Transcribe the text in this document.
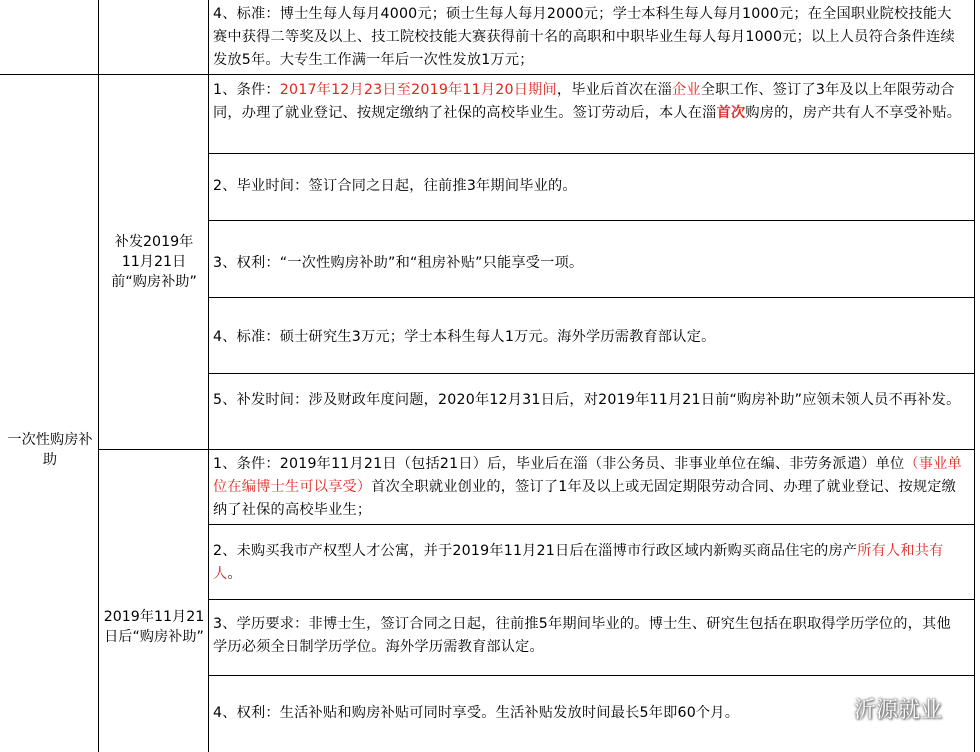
4、标准：博士生每人每月4000元；硕士生每人每月2000元；学士本科生每人每月1000元；在全国职业院校技能大赛中获得二等奖及以上、技工院校技能大赛获得前十名的高职和中职毕业生每人每月1000元；以上人员符合条件连续发放5年。大专生工作满一年后一次性发放1万元；
一次性购房补助
补发2019年11月21日前“购房补助”
1、条件：2017年12月23日至2019年11月20日期间，毕业后首次在淄企业全职工作、签订了3年及以上年限劳动合同，办理了就业登记、按规定缴纳了社保的高校毕业生。签订劳动后，本人在淄首次购房的，房产共有人不享受补贴。
2、毕业时间：签订合同之日起，往前推3年期间毕业的。
3、权利：“一次性购房补助”和“租房补贴”只能享受一项。
4、标准：硕士研究生3万元；学士本科生每人1万元。海外学历需教育部认定。
5、补发时间：涉及财政年度问题，2020年12月31日后，对2019年11月21日前“购房补助”应领未领人员不再补发。
2019年11月21日后“购房补助”
1、条件：2019年11月21日（包括21日）后，毕业后在淄（非公务员、非事业单位在编、非劳务派遣）单位（事业单位在编博士生可以享受）首次全职就业创业的，签订了1年及以上或无固定期限劳动合同、办理了就业登记、按规定缴纳了社保的高校毕业生；
2、未购买我市产权型人才公寓，并于2019年11月21日后在淄博市行政区域内新购买商品住宅的房产所有人和共有人。
3、学历要求：非博士生，签订合同之日起，往前推5年期间毕业的。博士生、研究生包括在职取得学历学位的，其他学历必须全日制学历学位。海外学历需教育部认定。
4、权利：生活补贴和购房补贴可同时享受。生活补贴发放时间最长5年即60个月。	沂源就业
